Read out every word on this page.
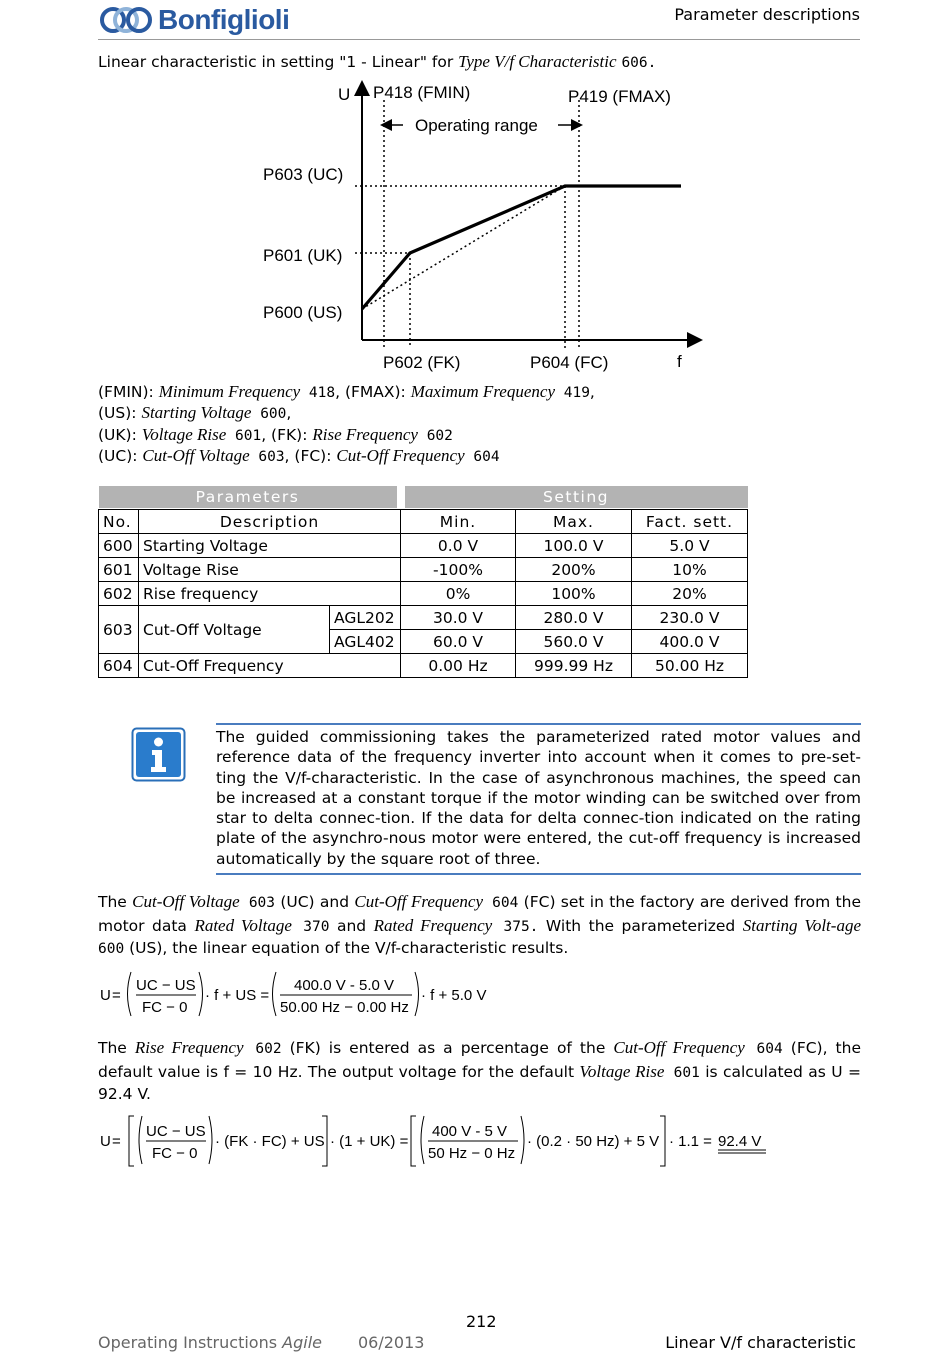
Bonfiglioli	Parameter descriptions
Linear characteristic in setting "1 - Linear" for Type V/f Characteristic 606.
U P418 (FMIN)	P419 (FMAX)
Operating range
P603 (UC)
P601 (UK)
P600 (US)
P602 (FK)	P604 (FC)	f
(FMIN): Minimum Frequency 418, (FMAX): Maximum Frequency 419,
(US): Starting Voltage 600,
(UK): Voltage Rise 601, (FK): Rise Frequency 602
(UC): Cut-Off Voltage 603, (FC): Cut-Off Frequency 604
Parameters			Setting		

No.	Description		Min.	Max.	Fact. sett.
600	Starting Voltage		0.0 V	100.0 V	5.0 V
601	Voltage Rise		-100%	200%	10%
602	Rise frequency		0%	100%	20%
603	Cut-Off Voltage	AGL202	30.0 V	280.0 V	230.0 V
		AGL402	60.0 V	560.0 V	400.0 V
604	Cut-Off Frequency		0.00 Hz	999.99 Hz	50.00 Hz
The guided commissioning takes the parameterized rated motor values and reference data of the frequency inverter into account when it comes to pre-set-ting the V/f-characteristic. In the case of asynchronous machines, the speed can be increased at a constant torque if the motor winding can be switched over from star to delta connec-tion. If the data for delta connec-tion indicated on the rating plate of the asynchro-nous motor were entered, the cut-off frequency is increased automatically by the square root of three.
The Cut-Off Voltage 603 (UC) and Cut-Off Frequency 604 (FC) set in the factory are derived from the motor data Rated Voltage 370 and Rated Frequency 375. With the parameterized Starting Volt-age 600 (US), the linear equation of the V/f-characteristic results.
U =
UC − US
FC − 0
· f + US =
400.0 V - 5.0 V
50.00 Hz − 0.00 Hz
· f + 5.0 V
The Rise Frequency 602 (FK) is entered as a percentage of the Cut-Off Frequency 604 (FC), the default value is f = 10 Hz. The output voltage for the default Voltage Rise 601 is calculated as U = 92.4 V.
U =
UC − US
FC − 0
· (FK · FC) + US · (1 + UK) =
400 V - 5 V
50 Hz − 0 Hz
· (0.2 · 50 Hz) + 5 V · 1.1 = 92.4 V
212
Operating Instructions Agile 06/2013	Linear V/f characteristic
